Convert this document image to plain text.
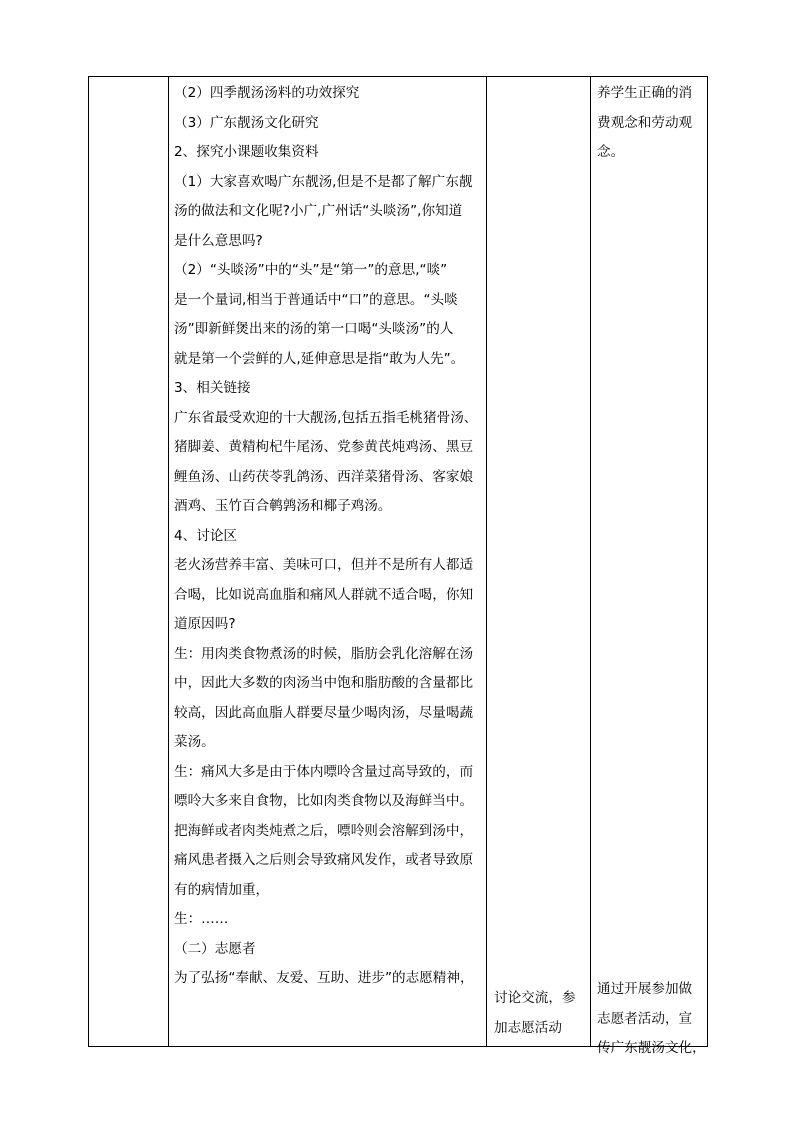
（2）四季靓汤汤料的功效探究

（3）广东靓汤文化研究

2、探究小课题收集资料

（1）大家喜欢喝广东靓汤,但是不是都了解广东靓

汤的做法和文化呢?小广,广州话“头啖汤”,你知道

是什么意思吗?

（2）“头啖汤”中的“头”是“第一”的意思,“啖”

是一个量词,相当于普通话中“口”的意思。“头啖

汤”即新鲜煲出来的汤的第一口喝“头啖汤”的人

就是第一个尝鲜的人,延伸意思是指“敢为人先”。

3、相关链接

广东省最受欢迎的十大靓汤,包括五指毛桃猪骨汤、

猪脚姜、黄精枸杞牛尾汤、党参黄芪炖鸡汤、黑豆

鲤鱼汤、山药茯苓乳鸽汤、西洋菜猪骨汤、客家娘

酒鸡、玉竹百合鹌鹑汤和椰子鸡汤。

4、讨论区

老火汤营养丰富、美味可口，但并不是所有人都适

合喝，比如说高血脂和痛风人群就不适合喝，你知

道原因吗?

生：用肉类食物煮汤的时候，脂肪会乳化溶解在汤

中，因此大多数的肉汤当中饱和脂肪酸的含量都比

较高，因此高血脂人群要尽量少喝肉汤，尽量喝蔬

菜汤。

生：痛风大多是由于体内嘌呤含量过高导致的，而

嘌呤大多来自食物，比如肉类食物以及海鲜当中。

把海鲜或者肉类炖煮之后，嘌呤则会溶解到汤中，

痛风患者摄入之后则会导致痛风发作，或者导致原

有的病情加重，

生：……

（二）志愿者

为了弘扬“奉献、友爱、互助、进步”的志愿精神，

讨论交流，参

加志愿活动

养学生正确的消

费观念和劳动观

念。

通过开展参加做

志愿者活动，宣

传广东靓汤文化，
